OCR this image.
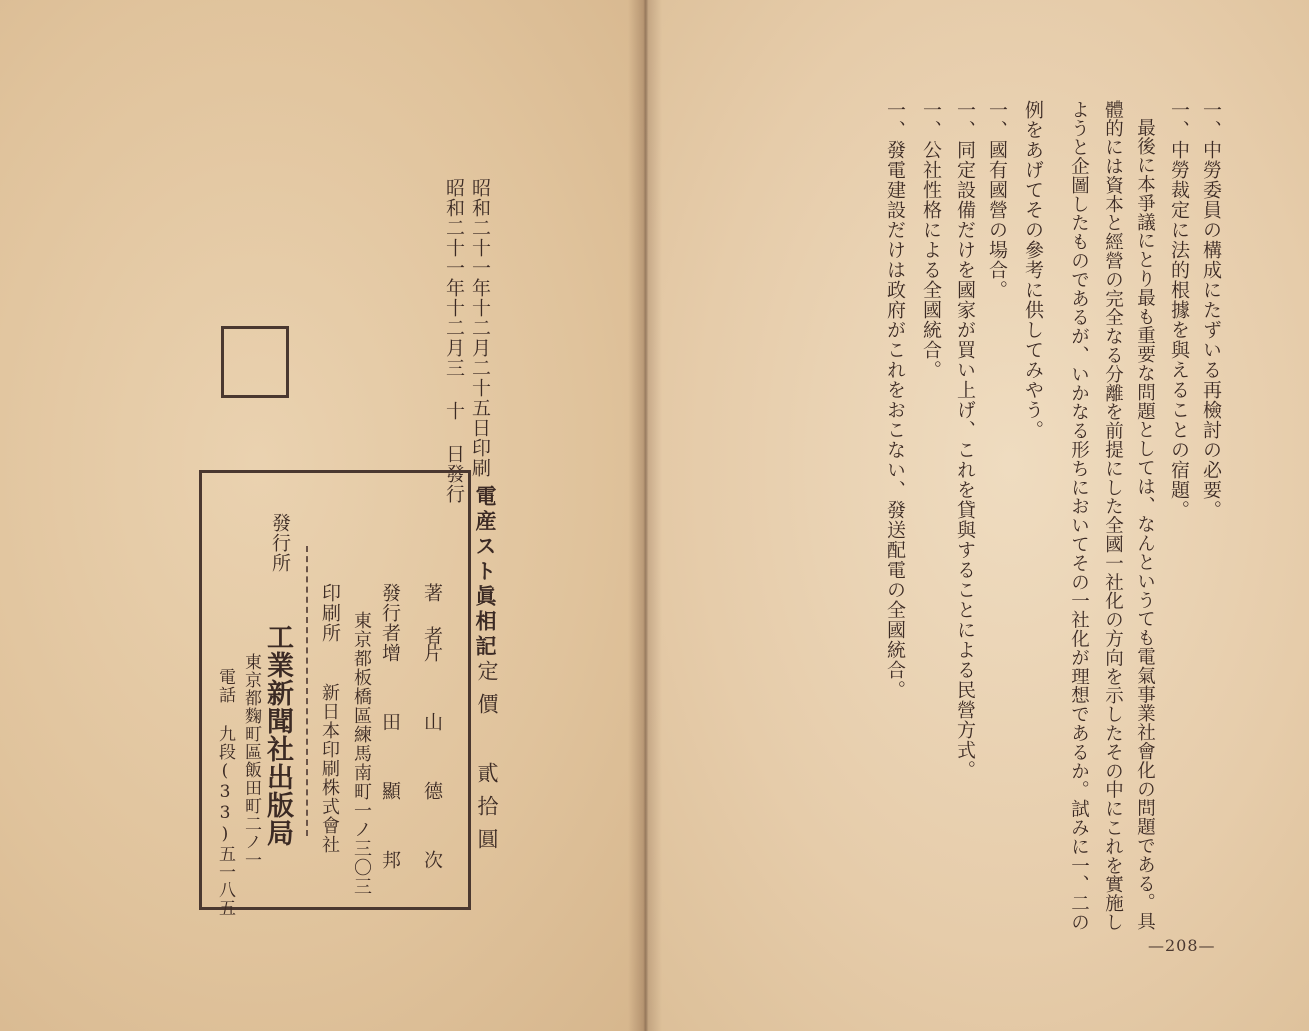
昭和二十一年十二月二十五日印刷
昭和二十一年十二月三 十 日發行
電産スト眞相記
定價 貳拾圓
著 者
片 山 德 次
發行者
增 田 顯 邦
東京都板橋區練馬南町一ノ三〇三
印刷所
新日本印刷株式會社
發行所
工業新聞社出版局
東京都麴町區飯田町二ノ一
電話 九段(33)五一八五
一、中勞委員の構成にたずいる再檢討の必要。
一、中勞裁定に法的根據を與えることの宿題。
最後に本爭議にとり最も重要な問題としては、なんというても電氣事業社會化の問題である。具
體的には資本と經營の完全なる分離を前提にした全國一社化の方向を示したその中にこれを實施し
ようと企圖したものであるが、いかなる形ちにおいてその一社化が理想であるか。試みに一、二の
例をあげてその參考に供してみやう。
一、國有國營の場合。
一、同定設備だけを國家が買い上げ、これを貸與することによる民營方式。
一、公社性格による全國統合。
一、發電建設だけは政府がこれをおこない、發送配電の全國統合。
—208—
